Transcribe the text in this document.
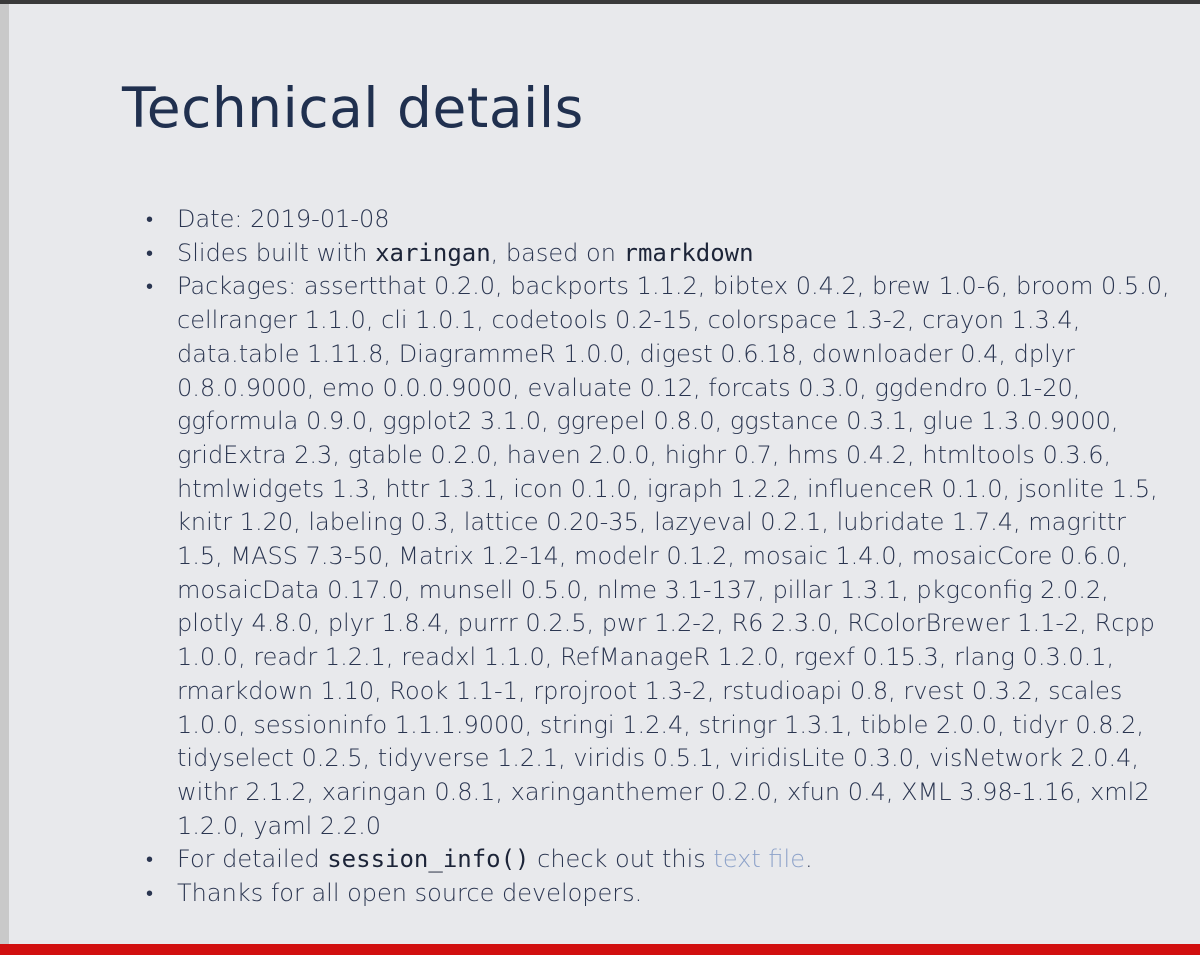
Technical details
• Date: 2019-01-08
• Slides built with xaringan, based on rmarkdown
• Packages: assertthat 0.2.0, backports 1.1.2, bibtex 0.4.2, brew 1.0-6, broom 0.5.0, cellranger 1.1.0, cli 1.0.1, codetools 0.2-15, colorspace 1.3-2, crayon 1.3.4, data.table 1.11.8, DiagrammeR 1.0.0, digest 0.6.18, downloader 0.4, dplyr 0.8.0.9000, emo 0.0.0.9000, evaluate 0.12, forcats 0.3.0, ggdendro 0.1-20, ggformula 0.9.0, ggplot2 3.1.0, ggrepel 0.8.0, ggstance 0.3.1, glue 1.3.0.9000, gridExtra 2.3, gtable 0.2.0, haven 2.0.0, highr 0.7, hms 0.4.2, htmltools 0.3.6, htmlwidgets 1.3, httr 1.3.1, icon 0.1.0, igraph 1.2.2, influenceR 0.1.0, jsonlite 1.5, knitr 1.20, labeling 0.3, lattice 0.20-35, lazyeval 0.2.1, lubridate 1.7.4, magrittr 1.5, MASS 7.3-50, Matrix 1.2-14, modelr 0.1.2, mosaic 1.4.0, mosaicCore 0.6.0, mosaicData 0.17.0, munsell 0.5.0, nlme 3.1-137, pillar 1.3.1, pkgconfig 2.0.2, plotly 4.8.0, plyr 1.8.4, purrr 0.2.5, pwr 1.2-2, R6 2.3.0, RColorBrewer 1.1-2, Rcpp 1.0.0, readr 1.2.1, readxl 1.1.0, RefManageR 1.2.0, rgexf 0.15.3, rlang 0.3.0.1, rmarkdown 1.10, Rook 1.1-1, rprojroot 1.3-2, rstudioapi 0.8, rvest 0.3.2, scales 1.0.0, sessioninfo 1.1.1.9000, stringi 1.2.4, stringr 1.3.1, tibble 2.0.0, tidyr 0.8.2, tidyselect 0.2.5, tidyverse 1.2.1, viridis 0.5.1, viridisLite 0.3.0, visNetwork 2.0.4, withr 2.1.2, xaringan 0.8.1, xaringanthemer 0.2.0, xfun 0.4, XML 3.98-1.16, xml2 1.2.0, yaml 2.2.0
• For detailed session_info() check out this text file.
• Thanks for all open source developers.
